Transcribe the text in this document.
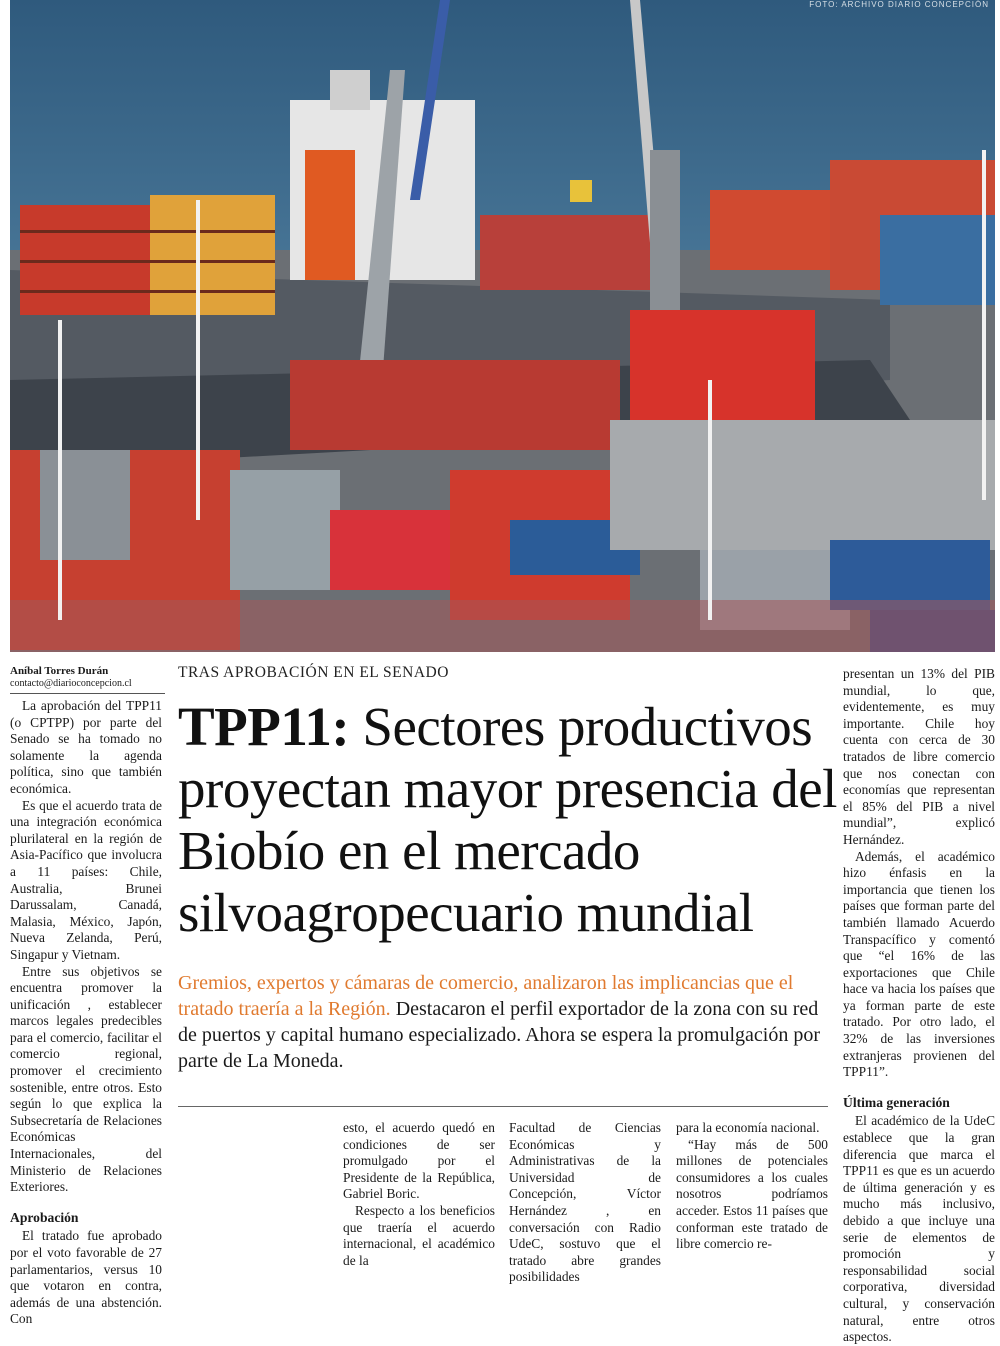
FOTO: ARCHIVO DIARIO CONCEPCIÓN
Aníbal Torres Durán
contacto@diarioconcepcion.cl

La aprobación del TPP11 (o CPTPP) por parte del Senado se ha tomado no solamente la agenda política, sino que también económica.

Es que el acuerdo trata de una integración económica plurilateral en la región de Asia-Pacífico que involucra a 11 países: Chile, Australia, Brunei Darussalam, Canadá, Malasia, México, Japón, Nueva Zelanda, Perú, Singapur y Vietnam.

Entre sus objetivos se encuentra promover la unificación , establecer marcos legales predecibles para el comercio, facilitar el comercio regional, promover el crecimiento sostenible, entre otros. Esto según lo que explica la Subsecretaría de Relaciones Económicas Internacionales, del Ministerio de Relaciones Exteriores.

Aprobación

El tratado fue aprobado por el voto favorable de 27 parlamentarios, versus 10 que votaron en contra, además de una abstención. Con

TRAS APROBACIÓN EN EL SENADO
TPP11: Sectores productivos proyectan mayor presencia del Biobío en el mercado silvoagropecuario mundial
Gremios, expertos y cámaras de comercio, analizaron las implicancias que el tratado traería a la Región. Destacaron el perfil exportador de la zona con su red de puertos y capital humano especializado. Ahora se espera la promulgación por parte de La Moneda.

esto, el acuerdo quedó en condiciones de ser promulgado por el Presidente de la República, Gabriel Boric.

Respecto a los beneficios que traería el acuerdo internacional, el académico de la

Facultad de Ciencias Económicas y Administrativas de la Universidad de Concepción, Víctor Hernández , en conversación con Radio UdeC, sostuvo que el tratado abre grandes posibilidades

para la economía nacional.

“Hay más de 500 millones de potenciales consumidores a los cuales nosotros podríamos acceder. Estos 11 países que conforman este tratado de libre comercio re-

presentan un 13% del PIB mundial, lo que, evidentemente, es muy importante. Chile hoy cuenta con cerca de 30 tratados de libre comercio que nos conectan con economías que representan el 85% del PIB a nivel mundial”, explicó Hernández.

Además, el académico hizo énfasis en la importancia que tienen los países que forman parte del también llamado Acuerdo Transpacífico y comentó que “el 16% de las exportaciones que Chile hace va hacia los países que ya forman parte de este tratado. Por otro lado, el 32% de las inversiones extranjeras provienen del TPP11”.

Última generación

El académico de la UdeC establece que la gran diferencia que marca el TPP11 es que es un acuerdo de última generación y es mucho más inclusivo, debido a que incluye una serie de elementos de promoción y responsabilidad social corporativa, diversidad cultural, y conservación natural, entre otros aspectos.
